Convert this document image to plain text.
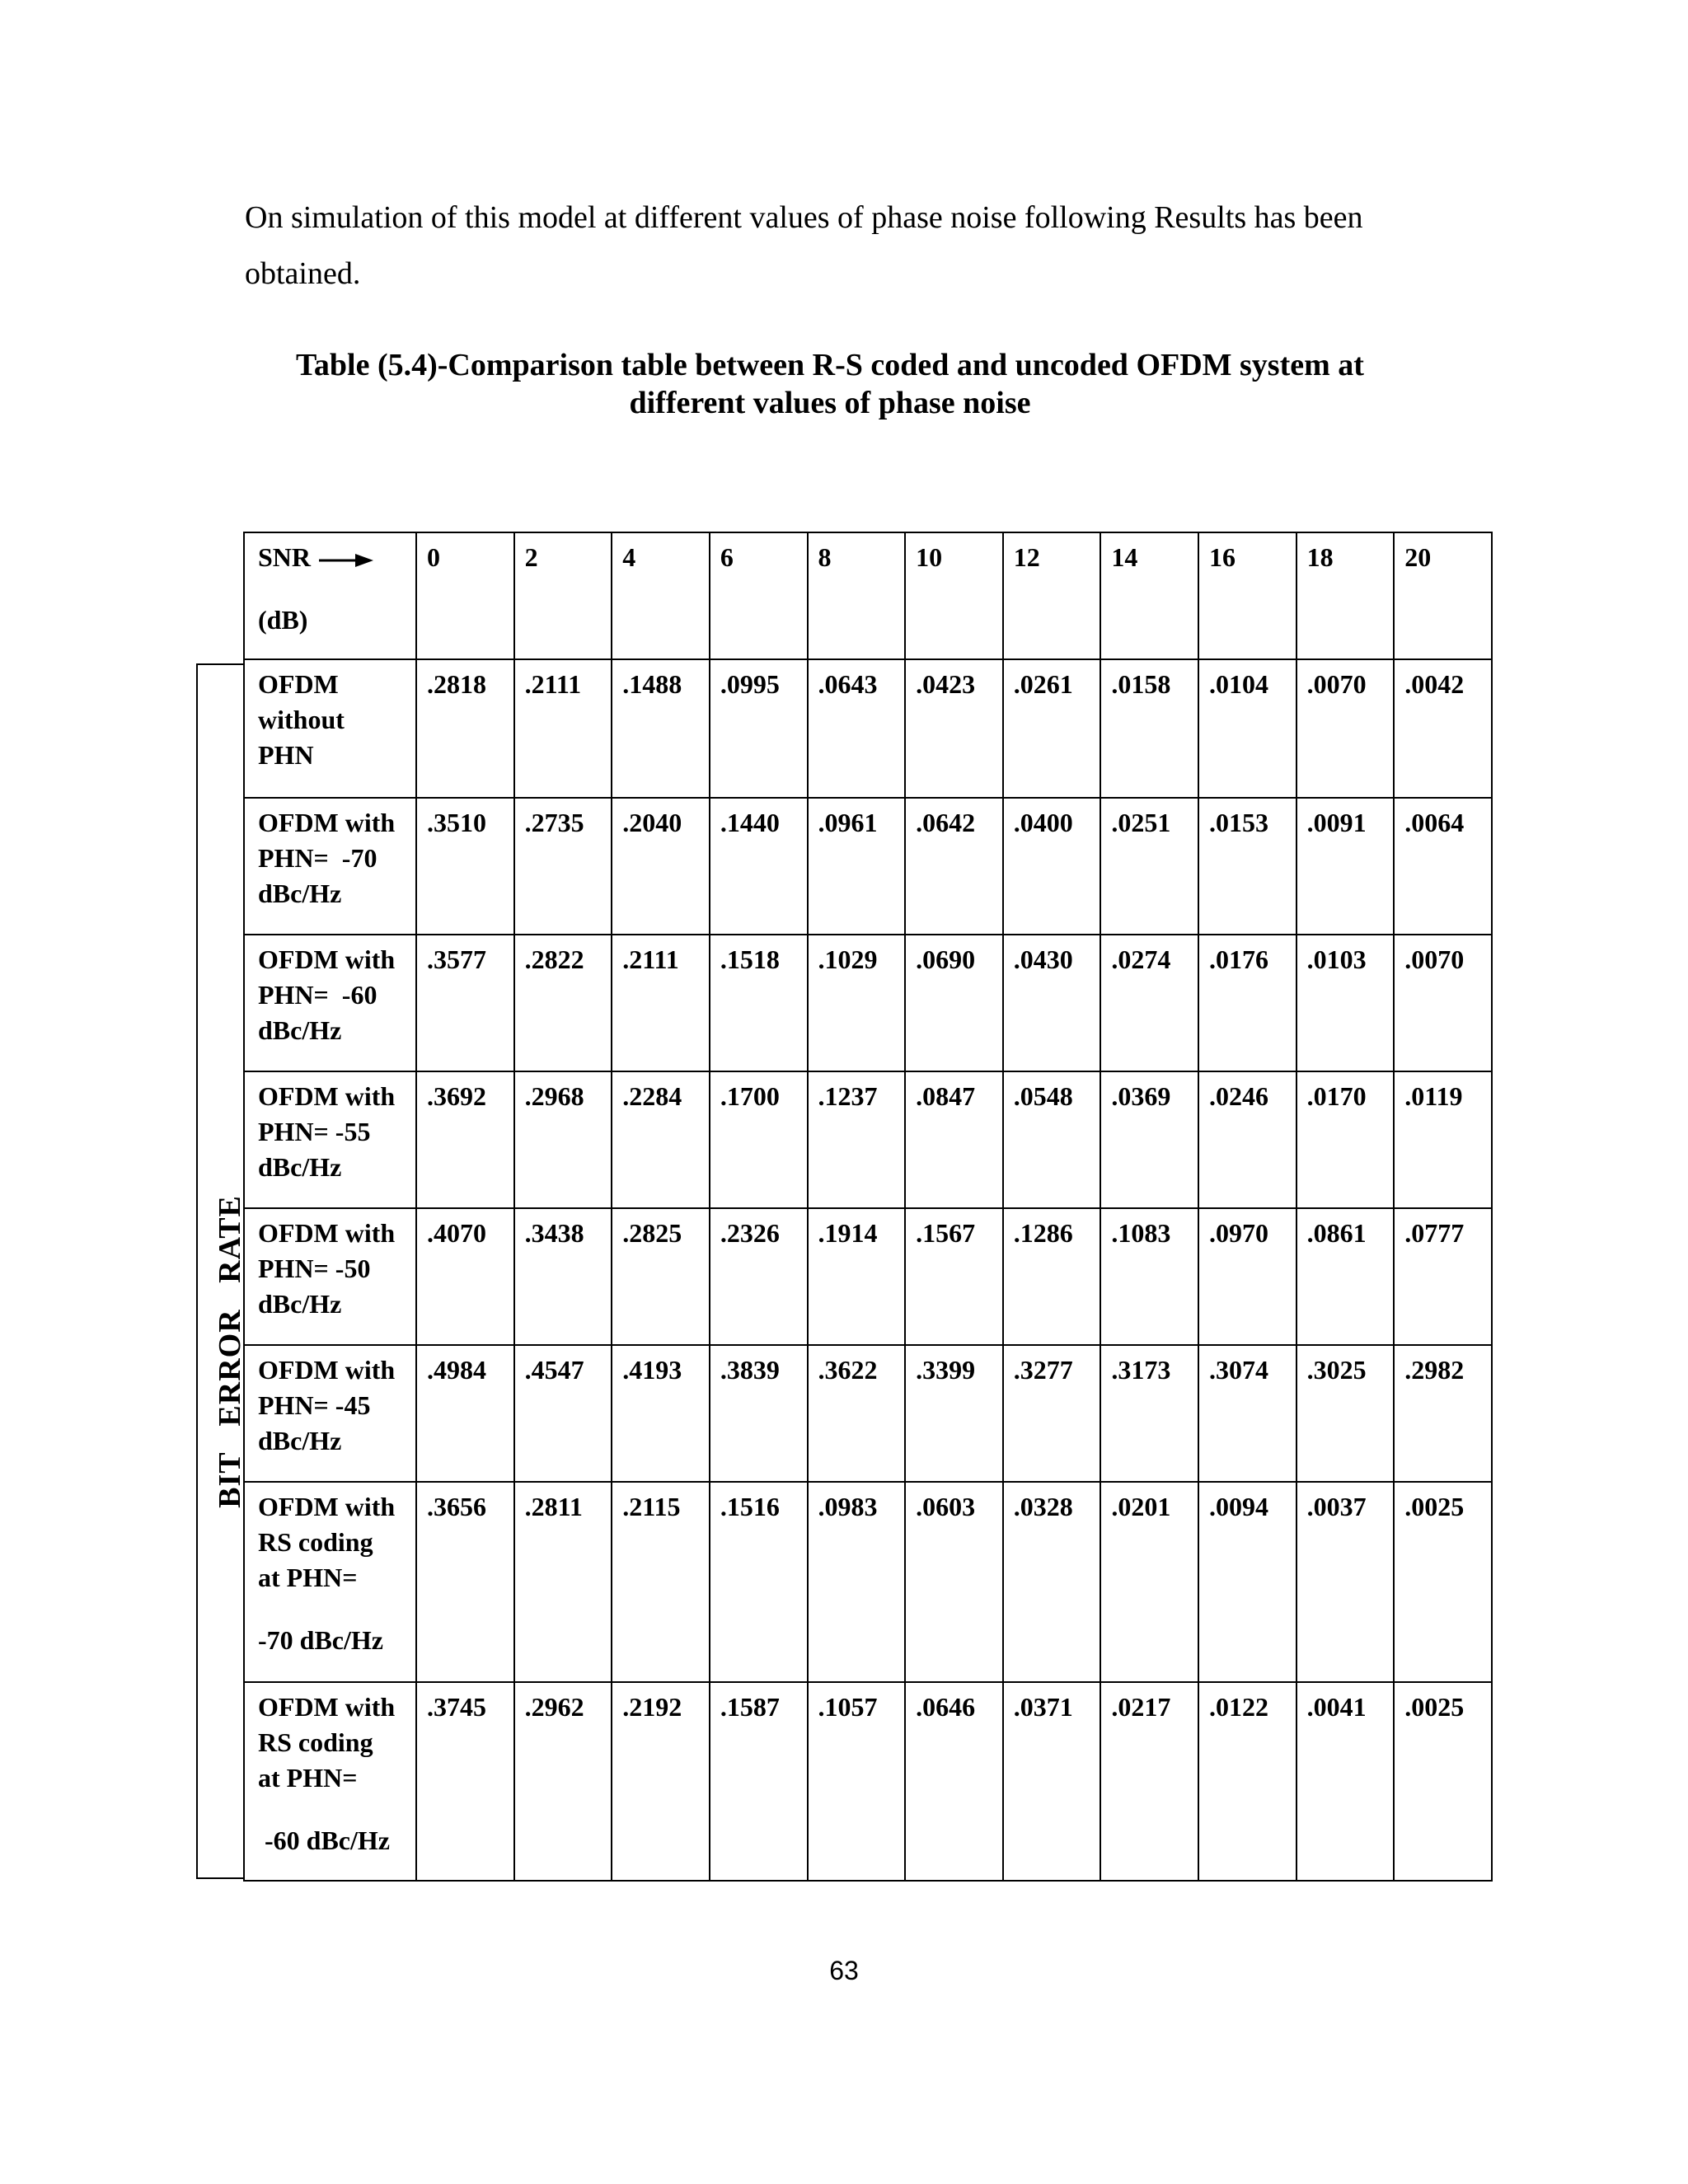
On simulation of this model at different values of phase noise following Results has been obtained.
Table (5.4)-Comparison table between R-S coded and uncoded OFDM system at
different values of phase noise
BIT   ERROR   RATE
SNR

(dB)	0	2	4	6	8	10	12	14	16	18	20
OFDM
without
PHN	.2818	.2111	.1488	.0995	.0643	.0423	.0261	.0158	.0104	.0070	.0042
OFDM with
PHN=  -70
dBc/Hz	.3510	.2735	.2040	.1440	.0961	.0642	.0400	.0251	.0153	.0091	.0064
OFDM with
PHN=  -60
dBc/Hz	.3577	.2822	.2111	.1518	.1029	.0690	.0430	.0274	.0176	.0103	.0070
OFDM with
PHN= -55
dBc/Hz	.3692	.2968	.2284	.1700	.1237	.0847	.0548	.0369	.0246	.0170	.0119
OFDM with
PHN= -50
dBc/Hz	.4070	.3438	.2825	.2326	.1914	.1567	.1286	.1083	.0970	.0861	.0777
OFDM with
PHN= -45
dBc/Hz	.4984	.4547	.4193	.3839	.3622	.3399	.3277	.3173	.3074	.3025	.2982
OFDM with
RS coding
at PHN=

-70 dBc/Hz	.3656	.2811	.2115	.1516	.0983	.0603	.0328	.0201	.0094	.0037	.0025
OFDM with
RS coding
at PHN=

-60 dBc/Hz	.3745	.2962	.2192	.1587	.1057	.0646	.0371	.0217	.0122	.0041	.0025
63
